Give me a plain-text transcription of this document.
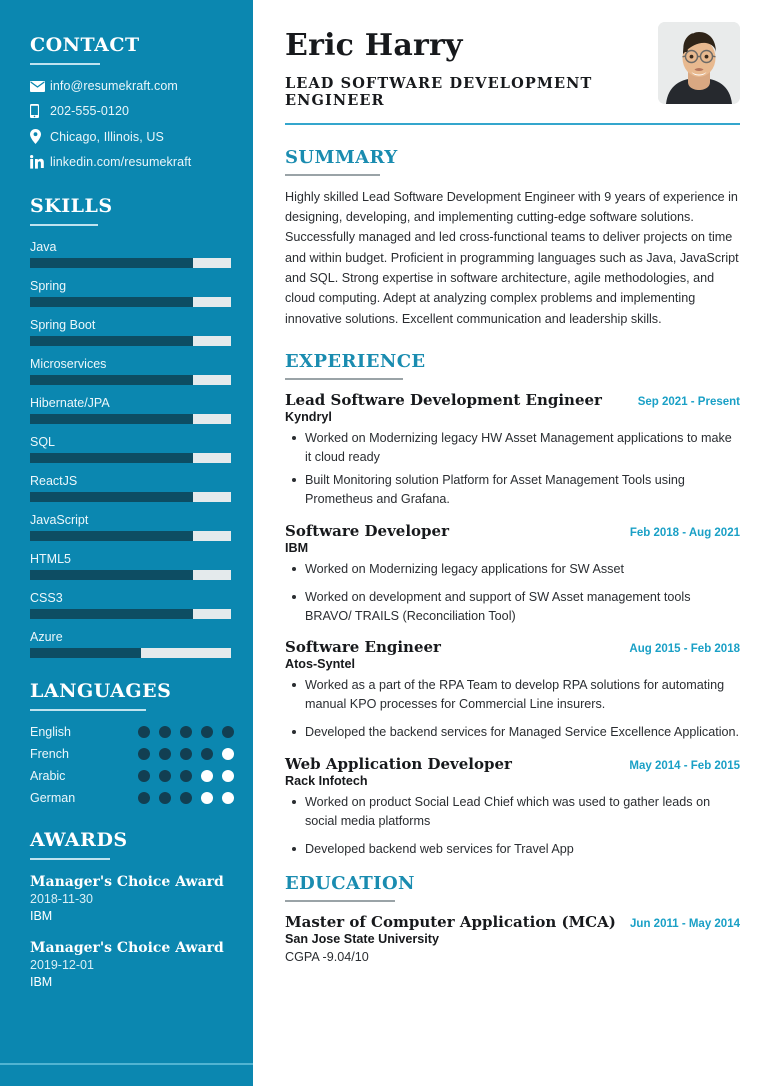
CONTACT
info@resumekraft.com
202-555-0120
Chicago, Illinois, US
linkedin.com/resumekraft
SKILLS
Java
Spring
Spring Boot
Microservices
Hibernate/JPA
SQL
ReactJS
JavaScript
HTML5
CSS3
Azure
LANGUAGES
English
French
Arabic
German
AWARDS
Manager's Choice Award
2018-11-30
IBM
Manager's Choice Award
2019-12-01
IBM
Eric Harry
LEAD SOFTWARE DEVELOPMENT ENGINEER
SUMMARY

Highly skilled Lead Software Development Engineer with 9 years of experience in designing, developing, and implementing cutting-edge software solutions. Successfully managed and led cross-functional teams to deliver projects on time and within budget. Proficient in programming languages such as Java, JavaScript and SQL. Strong expertise in software architecture, agile methodologies, and cloud computing. Adept at analyzing complex problems and implementing innovative solutions. Excellent communication and leadership skills.

EXPERIENCE
Lead Software Development Engineer	Sep 2021 - Present
Kyndryl
Worked on Modernizing legacy HW Asset Management applications to make it cloud ready
Built Monitoring solution Platform for Asset Management Tools using Prometheus and Grafana.
Software Developer	Feb 2018 - Aug 2021
IBM
Worked on Modernizing legacy applications for SW Asset
Worked on development and support of SW Asset management tools BRAVO/ TRAILS (Reconciliation Tool)
Software Engineer	Aug 2015 - Feb 2018
Atos-Syntel
Worked as a part of the RPA Team to develop RPA solutions for automating manual KPO processes for Commercial Line insurers.
Developed the backend services for Managed Service Excellence Application.
Web Application Developer	May 2014 - Feb 2015
Rack Infotech
Worked on product Social Lead Chief which was used to gather leads on social media platforms
Developed backend web services for Travel App
EDUCATION
Master of Computer Application (MCA)	Jun 2011 - May 2014
San Jose State University
CGPA -9.04/10
